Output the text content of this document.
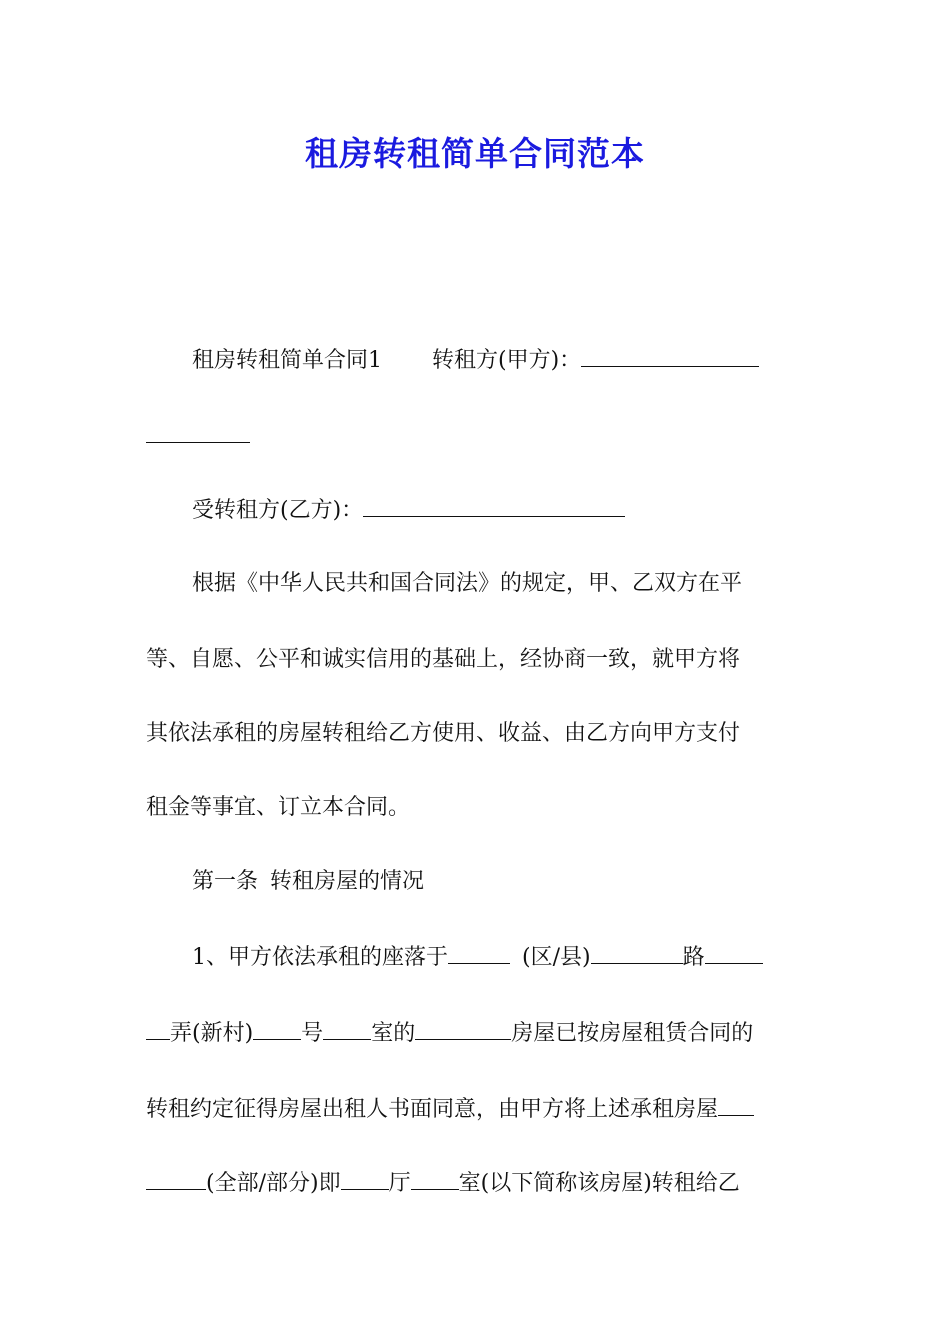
租房转租简单合同范本
租房转租简单合同1 转租方(甲方)：
受转租方(乙方)：
根据《中华人民共和国合同法》的规定，甲、乙双方在平
等、自愿、公平和诚实信用的基础上，经协商一致，就甲方将
其依法承租的房屋转租给乙方使用、收益、由乙方向甲方支付
租金等事宜、订立本合同。
第一条 转租房屋的情况
1、甲方依法承租的座落于	(区/县)	路
弄(新村) 号 室的	房屋已按房屋租赁合同的
转租约定征得房屋出租人书面同意，由甲方将上述承租房屋
(全部/部分)即 厅 室(以下简称该房屋)转租给乙
